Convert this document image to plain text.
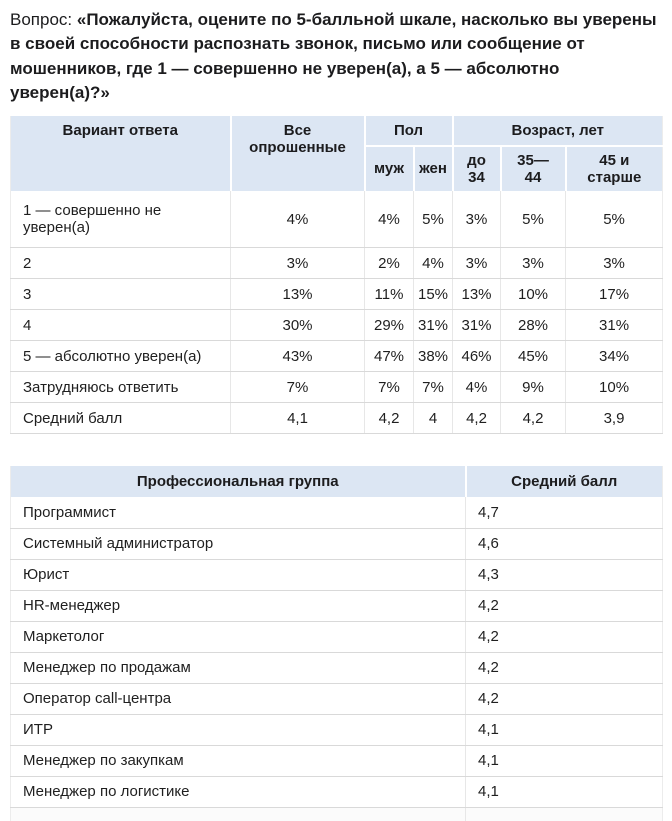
Вопрос: «Пожалуйста, оцените по 5-балльной шкале, насколько вы уверены в своей способности распознать звонок, письмо или сообщение от мошенников, где 1 — совершенно не уверен(а), а 5 — абсолютно уверен(а)?»

Вариант ответа	Все опрошенные	Пол		Возраст, лет		
		муж	жен	до 34	35—44	45 и старше
1 — совершенно не уверен(а)	4%	4%	5%	3%	5%	5%
2	3%	2%	4%	3%	3%	3%
3	13%	11%	15%	13%	10%	17%
4	30%	29%	31%	31%	28%	31%
5 — абсолютно уверен(а)	43%	47%	38%	46%	45%	34%
Затрудняюсь ответить	7%	7%	7%	4%	9%	10%
Средний балл	4,1	4,2	4	4,2	4,2	3,9
Профессиональная группа	Средний балл
Программист	4,7
Системный администратор	4,6
Юрист	4,3
HR-менеджер	4,2
Маркетолог	4,2
Менеджер по продажам	4,2
Оператор call-центра	4,2
ИТР	4,1
Менеджер по закупкам	4,1
Менеджер по логистике	4,1
